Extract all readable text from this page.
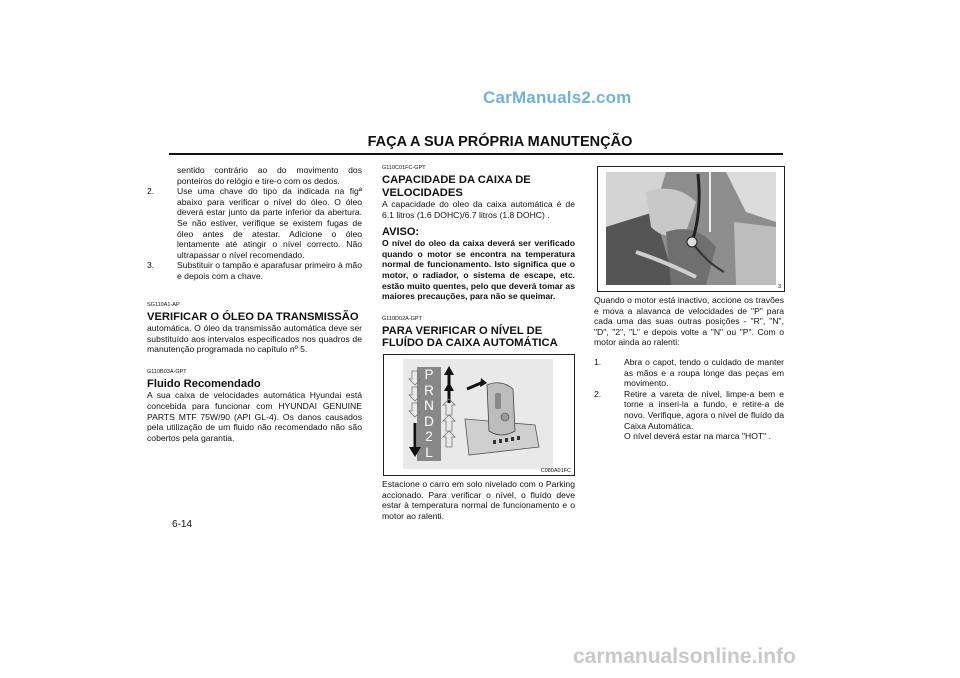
CarManuals2.com
FAÇA A SUA PRÓPRIA MANUTENÇÃO
6-14
sentido contrário ao do movimento dos ponteiros do relógio e tire-o com os dedos.
2.	Use uma chave do tipo da indicada na figª abaixo para verificar o nível do óleo. O óleo deverá estar junto da parte inferior da abertura. Se não estiver, verifique se existem fugas de óleo antes de atestar. Adicione o óleo lentamente até atingir o nível correcto. Não ultrapassar o nível recomendado.
3.	Substituir o tampão e aparafusar primeiro à mão e depois com a chave.
SG110A1-AP
VERIFICAR O ÓLEO DA TRANSMISSÃO
automática. O óleo da transmissão automática deve ser substituído aos intervalos especificados nos quadros de manutenção programada no capítulo nº 5.
G110B03A-GPT
Fluido Recomendado
A sua caixa de velocidades automática Hyundai está concebida para funcionar com HYUNDAI GENUINE PARTS MTF 75W/90 (API GL-4). Os danos causados pela utilização de um fluido não recomendado não são cobertos pela garantia.
G110C01FC-GPT
CAPACIDADE DA CAIXA DE VELOCIDADES
A capacidade do oleo da caixa automática é de 6.1 litros (1.6 DOHC)/6.7 litros (1.8 DOHC) .
AVISO:
O nível do oleo da caixa deverá ser verificado quando o motor se encontra na temperatura normal de funcionamento. Isto significa que o motor, o radiador, o sistema de escape, etc. estão muito quentes, pelo que deverá tomar as maiores precauções, para não se queimar.
G110D02A-GPT
PARA VERIFICAR O NÍVEL DE FLUÍDO DA CAIXA AUTOMÁTICA
P
R
N
D
2
L
C080A01FC
Estacione o carro em solo nivelado com o Parking accionado. Para verificar o nível, o fluído deve estar à temperatura normal de funcionamento e o motor ao ralenti.
3
Quando o motor está inactivo, accione os travões e mova a alavanca de velocidades de "P" para cada uma das suas outras posições - "R", "N", "D", "2", "L" e depois volte a "N" ou "P". Com o motor ainda ao ralenti:
1.	Abra o capot, tendo o cuidado de manter as mãos e a roupa longe das peças em movimento.
2.	Retire a vareta de nível, limpe-a bem e torne a inseri-la a fundo, e retire-a de novo. Verifique, agora o nível de fluído da Caixa Automática.
O nível deverá estar na marca "HOT" .
carmanualsonline.info
